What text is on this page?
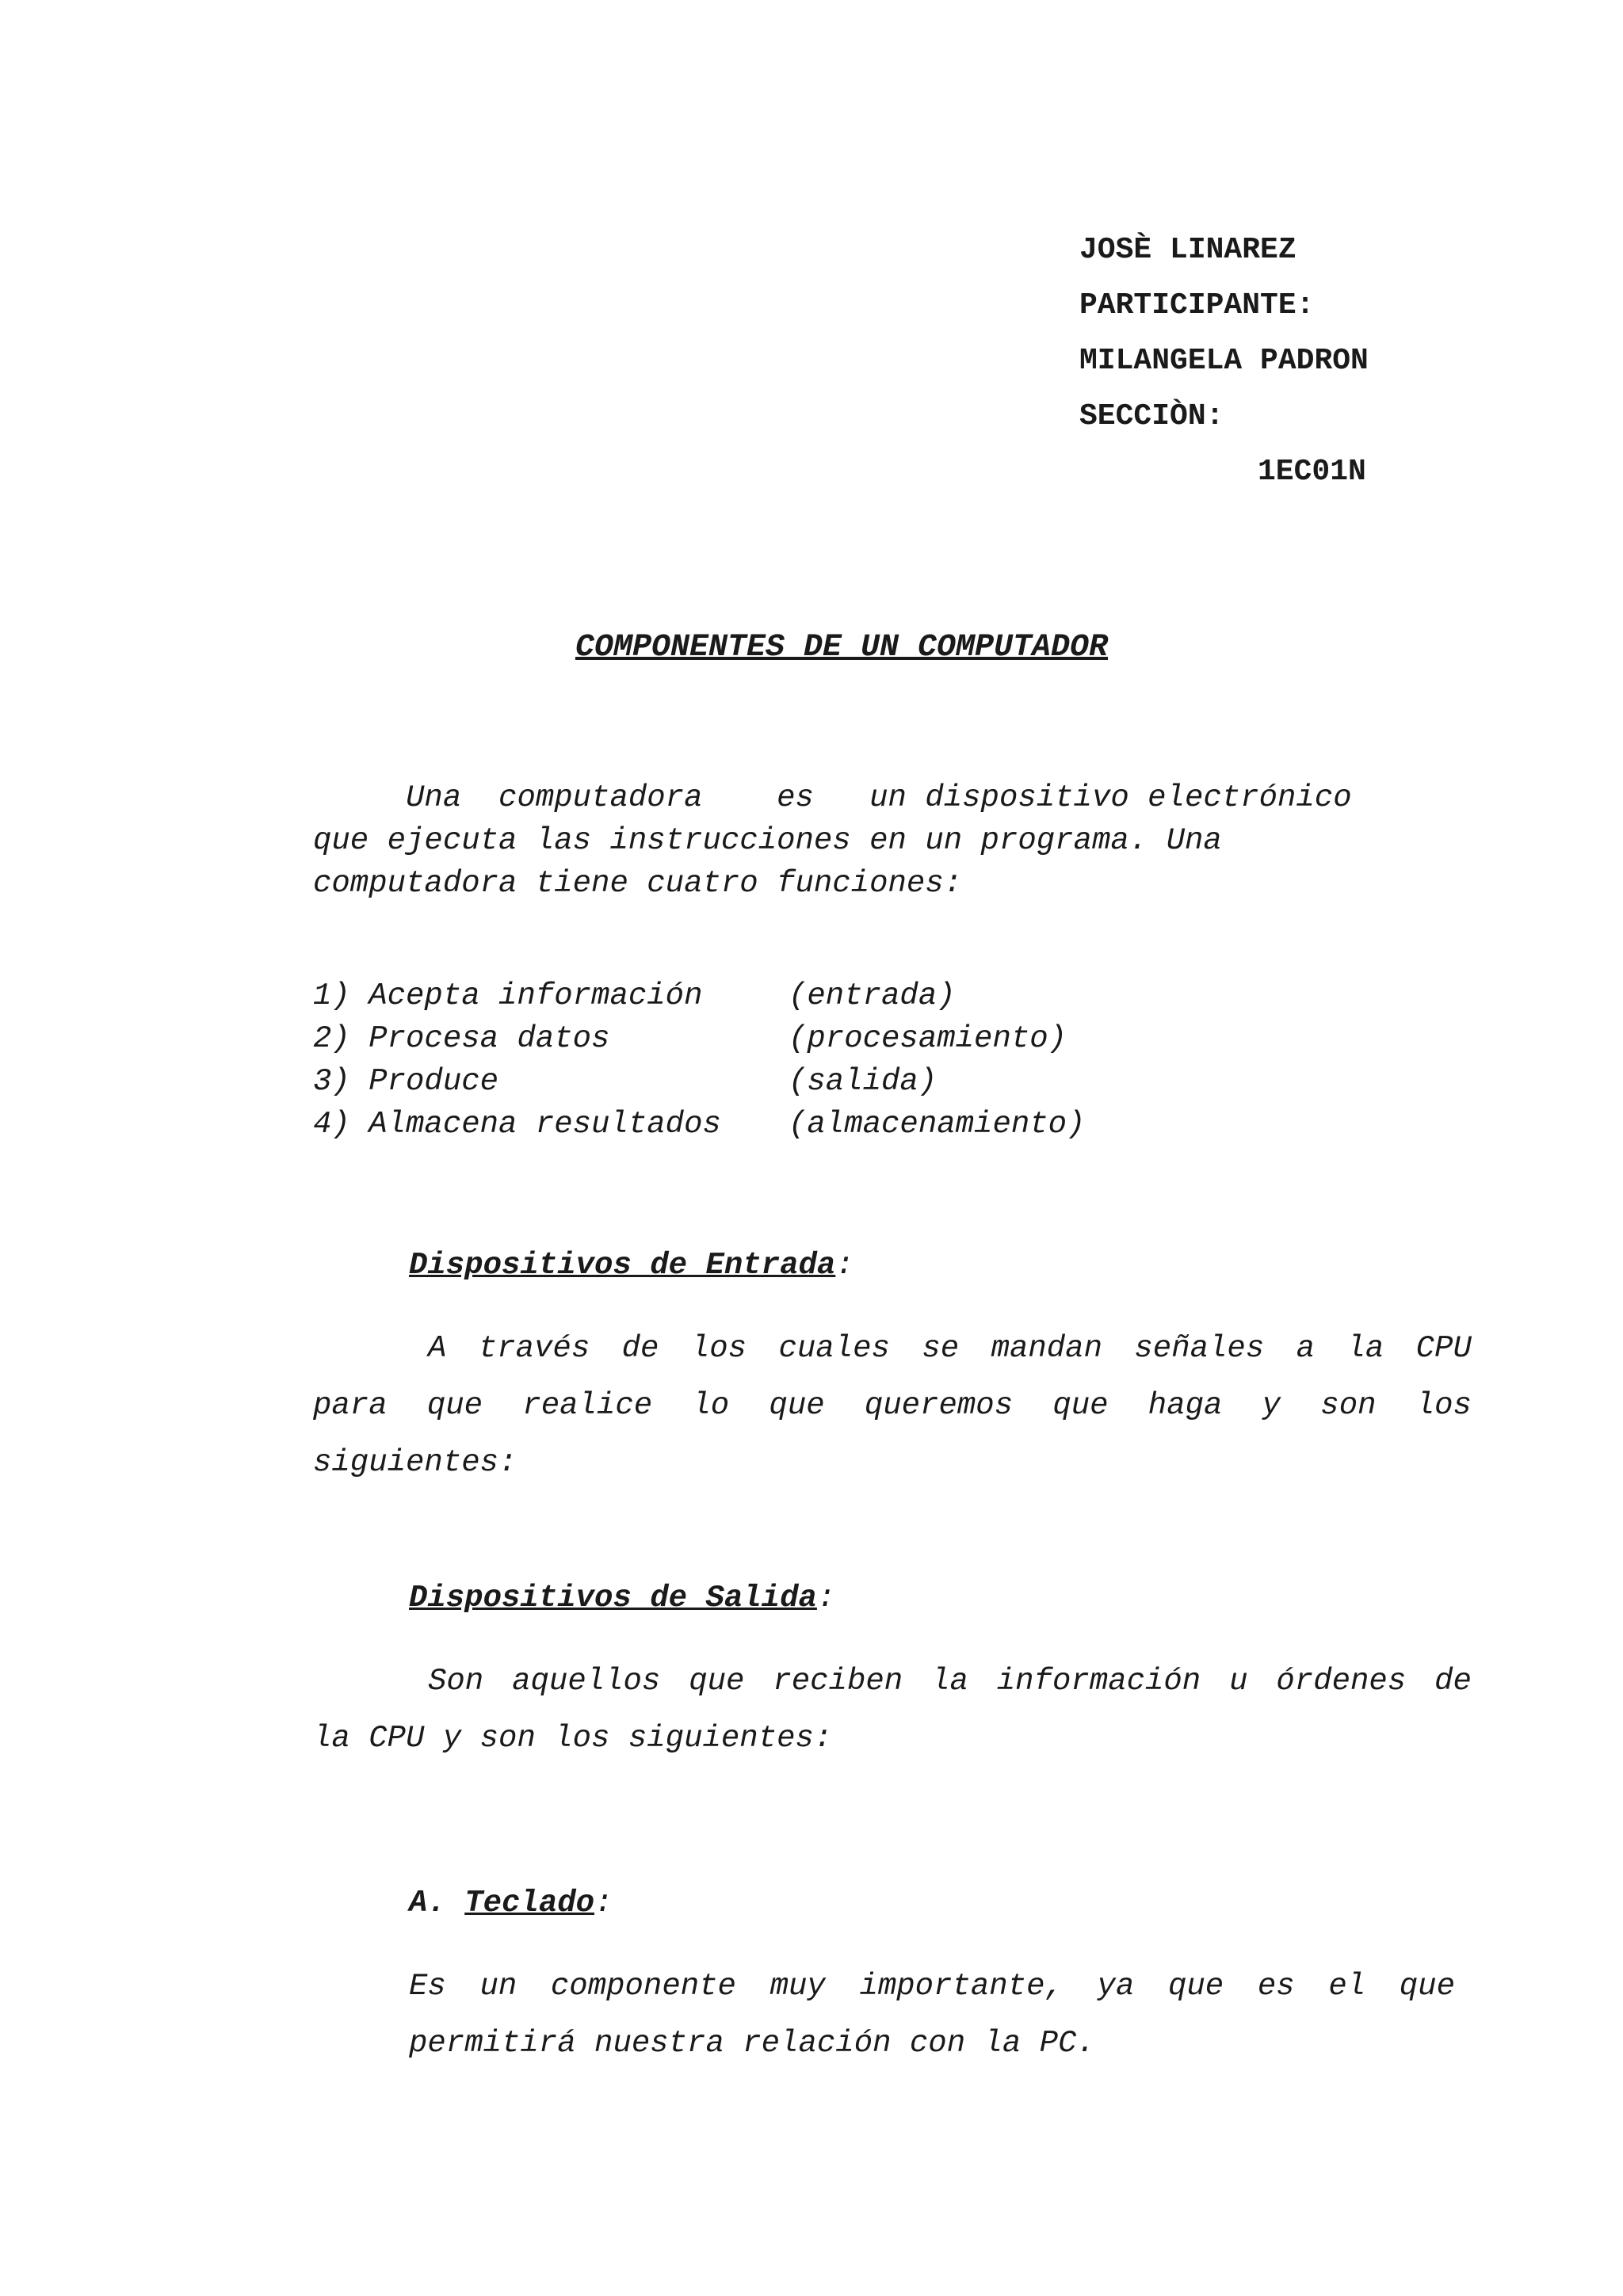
JOSÈ LINAREZ
PARTICIPANTE:
MILANGELA PADRON
SECCIÒN:
1EC01N
COMPONENTES DE UN COMPUTADOR
Una  computadora    es   un dispositivo electrónico
que ejecuta las instrucciones en un programa. Una
computadora tiene cuatro funciones:
1) Acepta información	(entrada)
2) Procesa datos	(procesamiento)
3) Produce	(salida)
4) Almacena resultados	(almacenamiento)
Dispositivos de Entrada:
A través de los cuales se mandan señales a la CPU
para que realice lo que queremos que haga y son los
siguientes:
Dispositivos de Salida:
Son aquellos que reciben la información u órdenes de
la CPU y son los siguientes:
A. Teclado:
Es un componente muy importante, ya que es el que
permitirá nuestra relación con la PC.
